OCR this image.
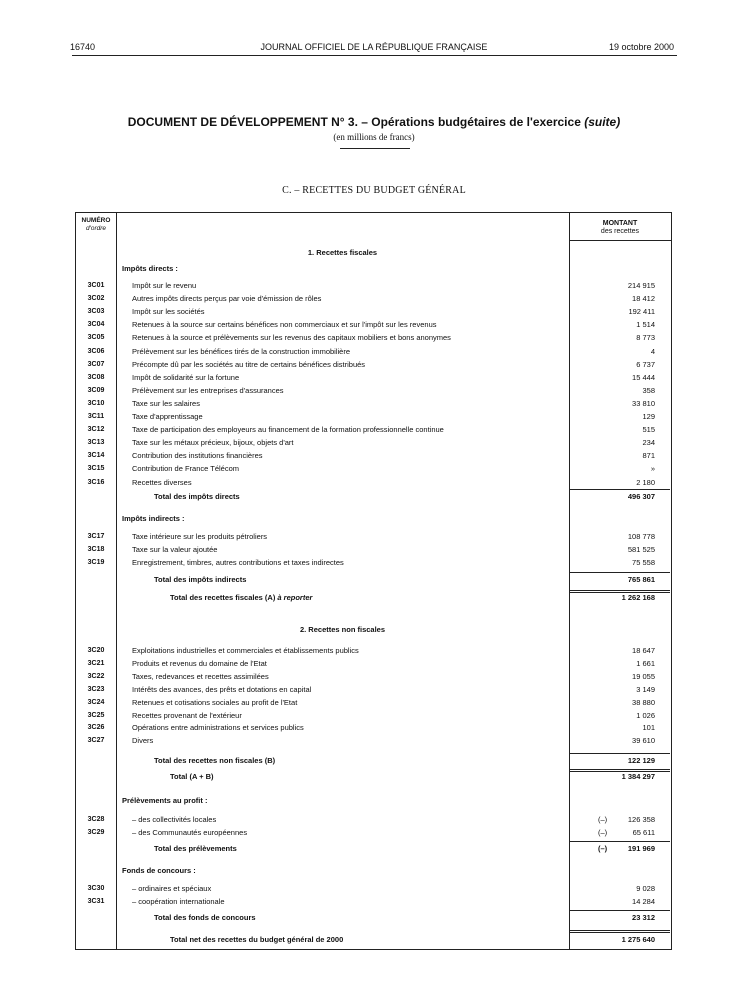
16740	JOURNAL OFFICIEL DE LA RÉPUBLIQUE FRANÇAISE	19 octobre 2000
DOCUMENT DE DÉVELOPPEMENT N° 3. – Opérations budgétaires de l'exercice (suite)
(en millions de francs)
C. – RECETTES DU BUDGET GÉNÉRAL
NUMÉRO
d'ordre
MONTANT
des recettes
1. Recettes fiscales
Impôts directs :
3C01	Impôt sur le revenu .....	214 915
3C02	Autres impôts directs perçus par voie d'émission de rôles .....	18 412
3C03	Impôt sur les sociétés .....	192 411
3C04	Retenues à la source sur certains bénéfices non commerciaux et sur l'impôt sur les revenus .....	1 514
3C05	Retenues à la source et prélèvements sur les revenus des capitaux mobiliers et bons anonymes .....	8 773
3C06	Prélèvement sur les bénéfices tirés de la construction immobilière .....	4
3C07	Précompte dû par les sociétés au titre de certains bénéfices distribués .....	6 737
3C08	Impôt de solidarité sur la fortune .....	15 444
3C09	Prélèvement sur les entreprises d'assurances .....	358
3C10	Taxe sur les salaires .....	33 810
3C11	Taxe d'apprentissage .....	129
3C12	Taxe de participation des employeurs au financement de la formation professionnelle continue .....	515
3C13	Taxe sur les métaux précieux, bijoux, objets d'art .....	234
3C14	Contribution des institutions financières .....	871
3C15	Contribution de France Télécom .....	»
3C16	Recettes diverses .....	2 180
Total des impôts directs .....	496 307
Impôts indirects :
3C17	Taxe intérieure sur les produits pétroliers .....	108 778
3C18	Taxe sur la valeur ajoutée .....	581 525
3C19	Enregistrement, timbres, autres contributions et taxes indirectes .....	75 558
Total des impôts indirects .....	765 861
Total des recettes fiscales (A) à reporter .....	1 262 168
2. Recettes non fiscales
3C20	Exploitations industrielles et commerciales et établissements publics .....	18 647
3C21	Produits et revenus du domaine de l'Etat .....	1 661
3C22	Taxes, redevances et recettes assimilées .....	19 055
3C23	Intérêts des avances, des prêts et dotations en capital .....	3 149
3C24	Retenues et cotisations sociales au profit de l'Etat .....	38 880
3C25	Recettes provenant de l'extérieur .....	1 026
3C26	Opérations entre administrations et services publics .....	101
3C27	Divers .....	39 610
Total des recettes non fiscales (B) .....	122 129
Total (A + B) .....	1 384 297
Prélèvements au profit :
3C28	– des collectivités locales .....	(–)	126 358
3C29	– des Communautés européennes .....	(–)	65 611
Total des prélèvements .....	(–)	191 969
Fonds de concours :
3C30	– ordinaires et spéciaux .....	9 028
3C31	– coopération internationale .....	14 284
Total des fonds de concours .....	23 312
Total net des recettes du budget général de 2000 .....	1 275 640
